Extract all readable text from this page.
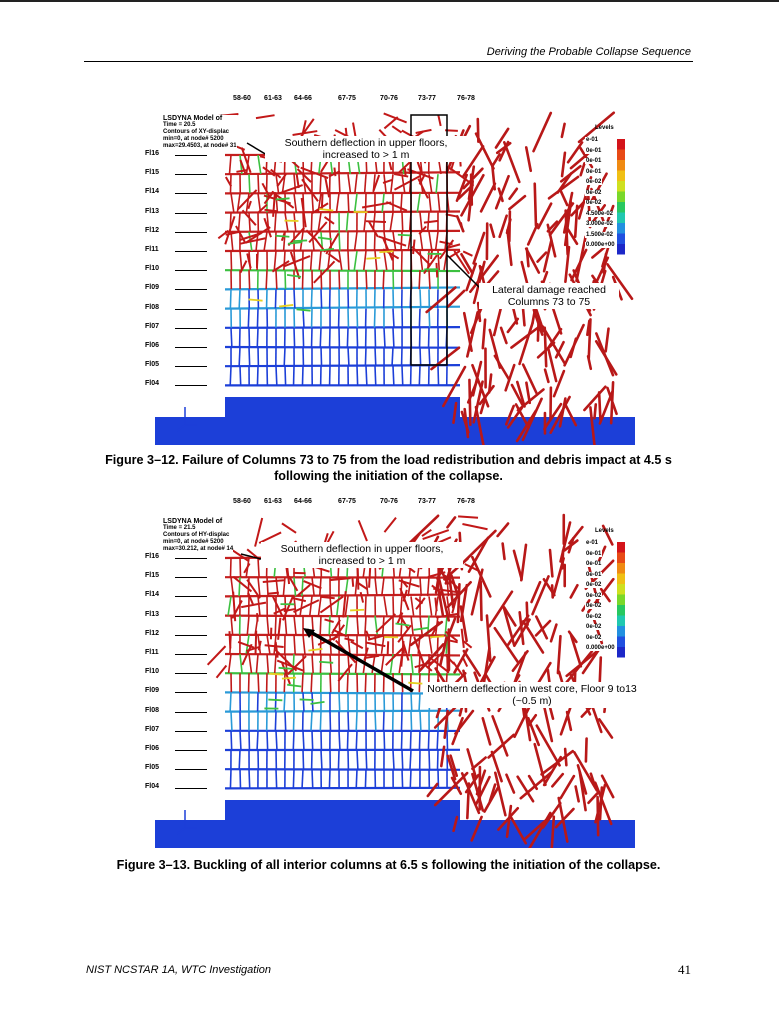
Deriving the Probable Collapse Sequence
58-60	61-63	64-66	67-75	70-76	73-77	76-78
Fl16
Fl15
Fl14
Fl13
Fl12
Fl11
Fl10
Fl09
Fl08
Fl07
Fl06
Fl05
Fl04
LSDYNA Model of
Time = 20.5
Contours of XY-displac
min=0, at node# 5200
max=29.4503, at node# 31
Levels
e-01
0e-01
0e-01
0e-01
0e-02
0e-02
0e-02
4.500e-02
3.000e-02
1.500e-02
0.000e+00
Southern deflection in upper floors, increased to > 1 m
Lateral damage reached Columns 73 to 75
Figure 3–12. Failure of Columns 73 to 75 from the load redistribution and debris impact at 4.5 s following the initiation of the collapse.
58-60	61-63	64-66	67-75	70-76	73-77	76-78
Fl16
Fl15
Fl14
Fl13
Fl12
Fl11
Fl10
Fl09
Fl08
Fl07
Fl06
Fl05
Fl04
LSDYNA Model of
Time = 21.5
Contours of HY-displac
min=0, at node# 5200
max=30.212, at node# 14
Levels
e-01
0e-01
0e-01
0e-01
0e-02
0e-02
0e-02
0e-02
0e-02
0e-02
0.000e+00
Southern deflection in upper floors, increased to > 1 m
Northern deflection in west core, Floor 9 to13 (~0.5 m)
Figure 3–13. Buckling of all interior columns at 6.5 s following the initiation of the collapse.
NIST NCSTAR 1A, WTC Investigation	41
